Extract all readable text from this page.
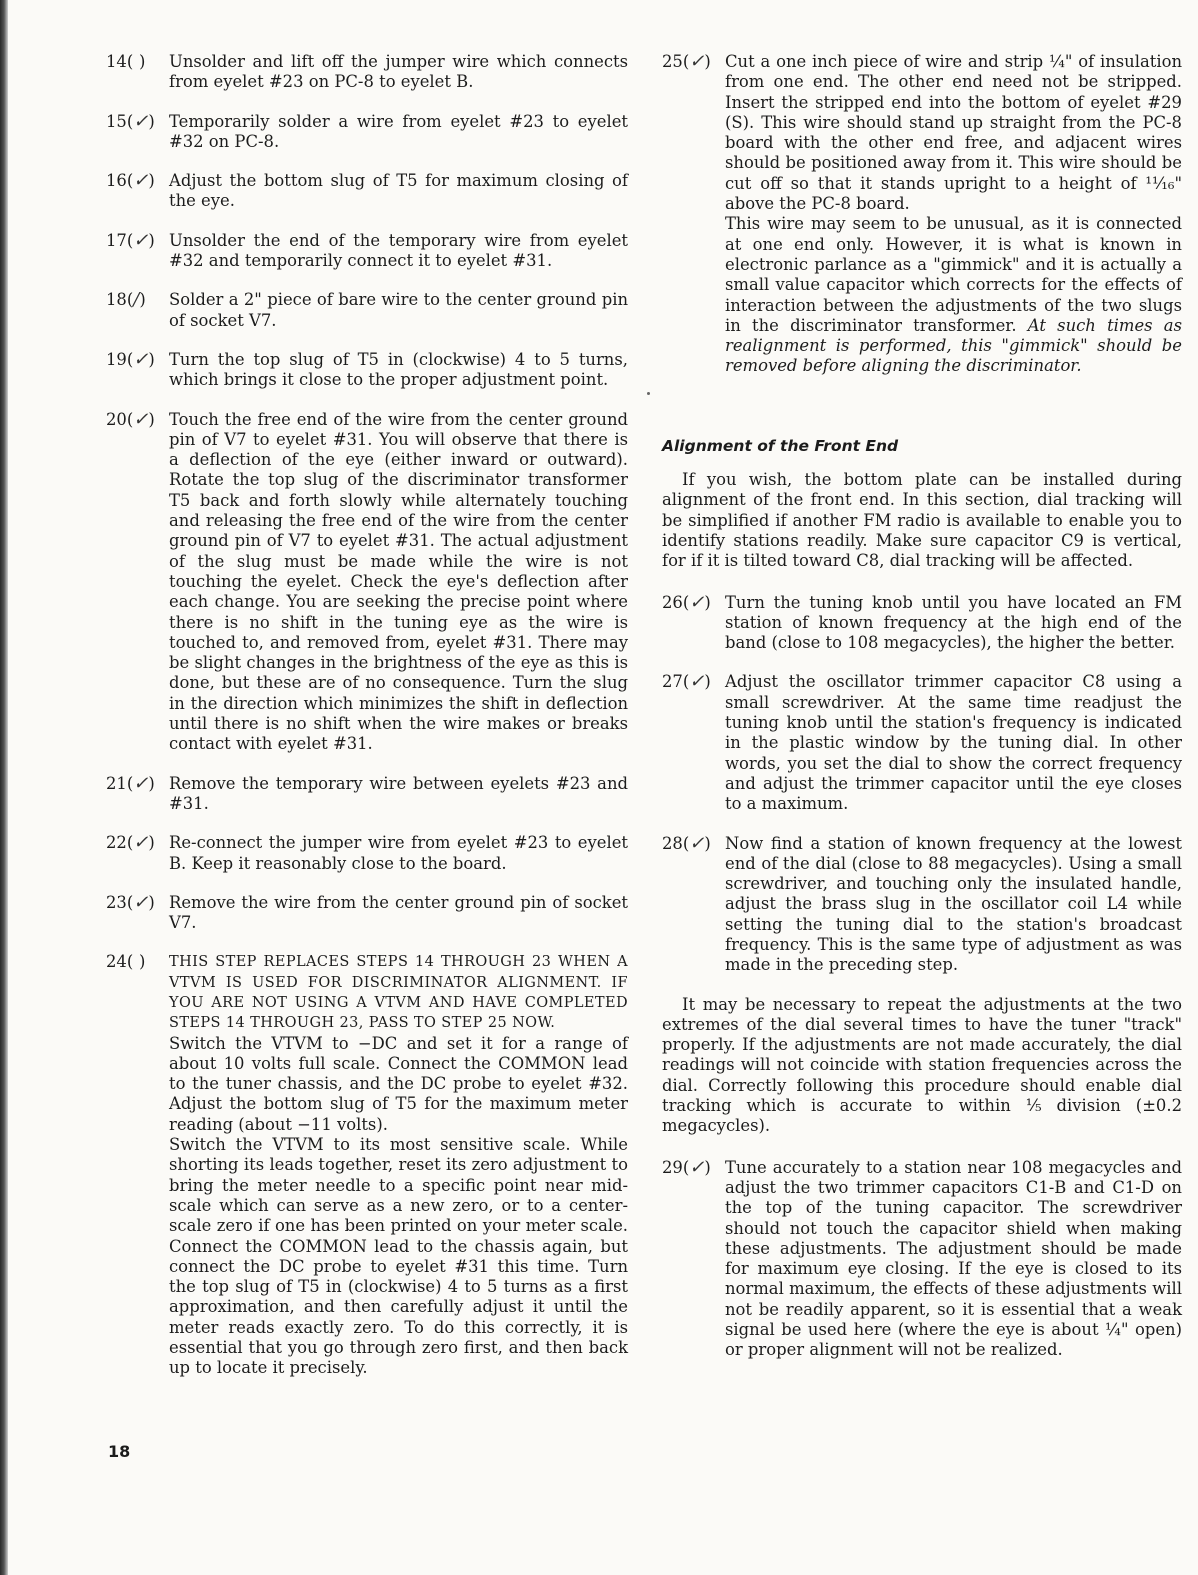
14( )	Unsolder and lift off the jumper wire which connects from eyelet #23 on PC-8 to eyelet B.
15(✓) Temporarily solder a wire from eyelet #23 to eyelet #32 on PC-8.
16(✓) Adjust the bottom slug of T5 for maximum closing of the eye.
17(✓) Unsolder the end of the temporary wire from eyelet #32 and temporarily connect it to eyelet #31.
18(/)	Solder a 2" piece of bare wire to the center ground pin of socket V7.
19(✓) Turn the top slug of T5 in (clockwise) 4 to 5 turns, which brings it close to the proper adjustment point.
20(✓) Touch the free end of the wire from the center ground pin of V7 to eyelet #31. You will observe that there is a deflection of the eye (either inward or outward). Rotate the top slug of the discriminator transformer T5 back and forth slowly while alternately touching and releasing the free end of the wire from the center ground pin of V7 to eyelet #31. The actual adjustment of the slug must be made while the wire is not touching the eyelet. Check the eye's deflection after each change. You are seeking the precise point where there is no shift in the tuning eye as the wire is touched to, and removed from, eyelet #31. There may be slight changes in the brightness of the eye as this is done, but these are of no consequence. Turn the slug in the direction which minimizes the shift in deflection until there is no shift when the wire makes or breaks contact with eyelet #31.
21(✓) Remove the temporary wire between eyelets #23 and #31.
22(✓) Re-connect the jumper wire from eyelet #23 to eyelet B. Keep it reasonably close to the board.
23(✓) Remove the wire from the center ground pin of socket V7.
24( )	THIS STEP REPLACES STEPS 14 THROUGH 23 WHEN A VTVM IS USED FOR DISCRIMINATOR ALIGNMENT. IF YOU ARE NOT USING A VTVM AND HAVE COMPLETED STEPS 14 THROUGH 23, PASS TO STEP 25 NOW.
Switch the VTVM to −DC and set it for a range of about 10 volts full scale. Connect the COMMON lead to the tuner chassis, and the DC probe to eyelet #32. Adjust the bottom slug of T5 for the maximum meter reading (about −11 volts).
Switch the VTVM to its most sensitive scale. While shorting its leads together, reset its zero adjustment to bring the meter needle to a specific point near mid-scale which can serve as a new zero, or to a center-scale zero if one has been printed on your meter scale. Connect the COMMON lead to the chassis again, but connect the DC probe to eyelet #31 this time. Turn the top slug of T5 in (clockwise) 4 to 5 turns as a first approximation, and then carefully adjust it until the meter reads exactly zero. To do this correctly, it is essential that you go through zero first, and then back up to locate it precisely.
25(✓) Cut a one inch piece of wire and strip ¼" of insulation from one end. The other end need not be stripped. Insert the stripped end into the bottom of eyelet #29 (S). This wire should stand up straight from the PC-8 board with the other end free, and adjacent wires should be positioned away from it. This wire should be cut off so that it stands upright to a height of ¹¹⁄₁₆" above the PC-8 board.
This wire may seem to be unusual, as it is connected at one end only. However, it is what is known in electronic parlance as a "gimmick" and it is actually a small value capacitor which corrects for the effects of interaction between the adjustments of the two slugs in the discriminator transformer. At such times as realignment is performed, this "gimmick" should be removed before aligning the discriminator.
Alignment of the Front End

If you wish, the bottom plate can be installed during alignment of the front end. In this section, dial tracking will be simplified if another FM radio is available to enable you to identify stations readily. Make sure capacitor C9 is vertical, for if it is tilted toward C8, dial tracking will be affected.

26(✓) Turn the tuning knob until you have located an FM station of known frequency at the high end of the band (close to 108 megacycles), the higher the better.
27(✓) Adjust the oscillator trimmer capacitor C8 using a small screwdriver. At the same time readjust the tuning knob until the station's frequency is indicated in the plastic window by the tuning dial. In other words, you set the dial to show the correct frequency and adjust the trimmer capacitor until the eye closes to a maximum.
28(✓) Now find a station of known frequency at the lowest end of the dial (close to 88 megacycles). Using a small screwdriver, and touching only the insulated handle, adjust the brass slug in the oscillator coil L4 while setting the tuning dial to the station's broadcast frequency. This is the same type of adjustment as was made in the preceding step.

It may be necessary to repeat the adjustments at the two extremes of the dial several times to have the tuner "track" properly. If the adjustments are not made accurately, the dial readings will not coincide with station frequencies across the dial. Correctly following this procedure should enable dial tracking which is accurate to within ⅕ division (±0.2 megacycles).

29(✓) Tune accurately to a station near 108 megacycles and adjust the two trimmer capacitors C1-B and C1-D on the top of the tuning capacitor. The screwdriver should not touch the capacitor shield when making these adjustments. The adjustment should be made for maximum eye closing. If the eye is closed to its normal maximum, the effects of these adjustments will not be readily apparent, so it is essential that a weak signal be used here (where the eye is about ¼" open) or proper alignment will not be realized.
18
